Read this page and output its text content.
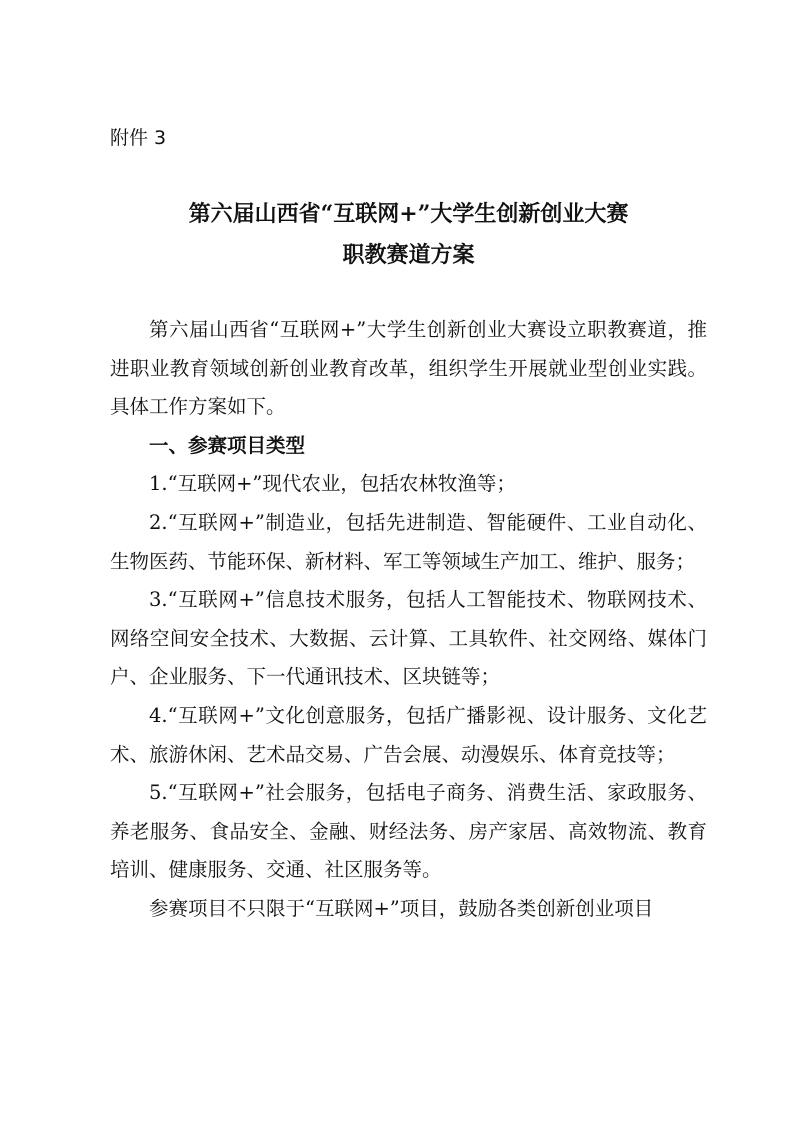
附件 3

第六届山西省“互联网+”大学生创新创业大赛
职教赛道方案

第六届山西省“互联网+”大学生创新创业大赛设立职教赛道，推进职业教育领域创新创业教育改革，组织学生开展就业型创业实践。具体工作方案如下。

一、参赛项目类型

1.“互联网+”现代农业，包括农林牧渔等；

2.“互联网+”制造业，包括先进制造、智能硬件、工业自动化、生物医药、节能环保、新材料、军工等领域生产加工、维护、服务；

3.“互联网+”信息技术服务，包括人工智能技术、物联网技术、网络空间安全技术、大数据、云计算、工具软件、社交网络、媒体门户、企业服务、下一代通讯技术、区块链等；

4.“互联网+”文化创意服务，包括广播影视、设计服务、文化艺术、旅游休闲、艺术品交易、广告会展、动漫娱乐、体育竞技等；

5.“互联网+”社会服务，包括电子商务、消费生活、家政服务、养老服务、食品安全、金融、财经法务、房产家居、高效物流、教育培训、健康服务、交通、社区服务等。

参赛项目不只限于“互联网+”项目，鼓励各类创新创业项目
